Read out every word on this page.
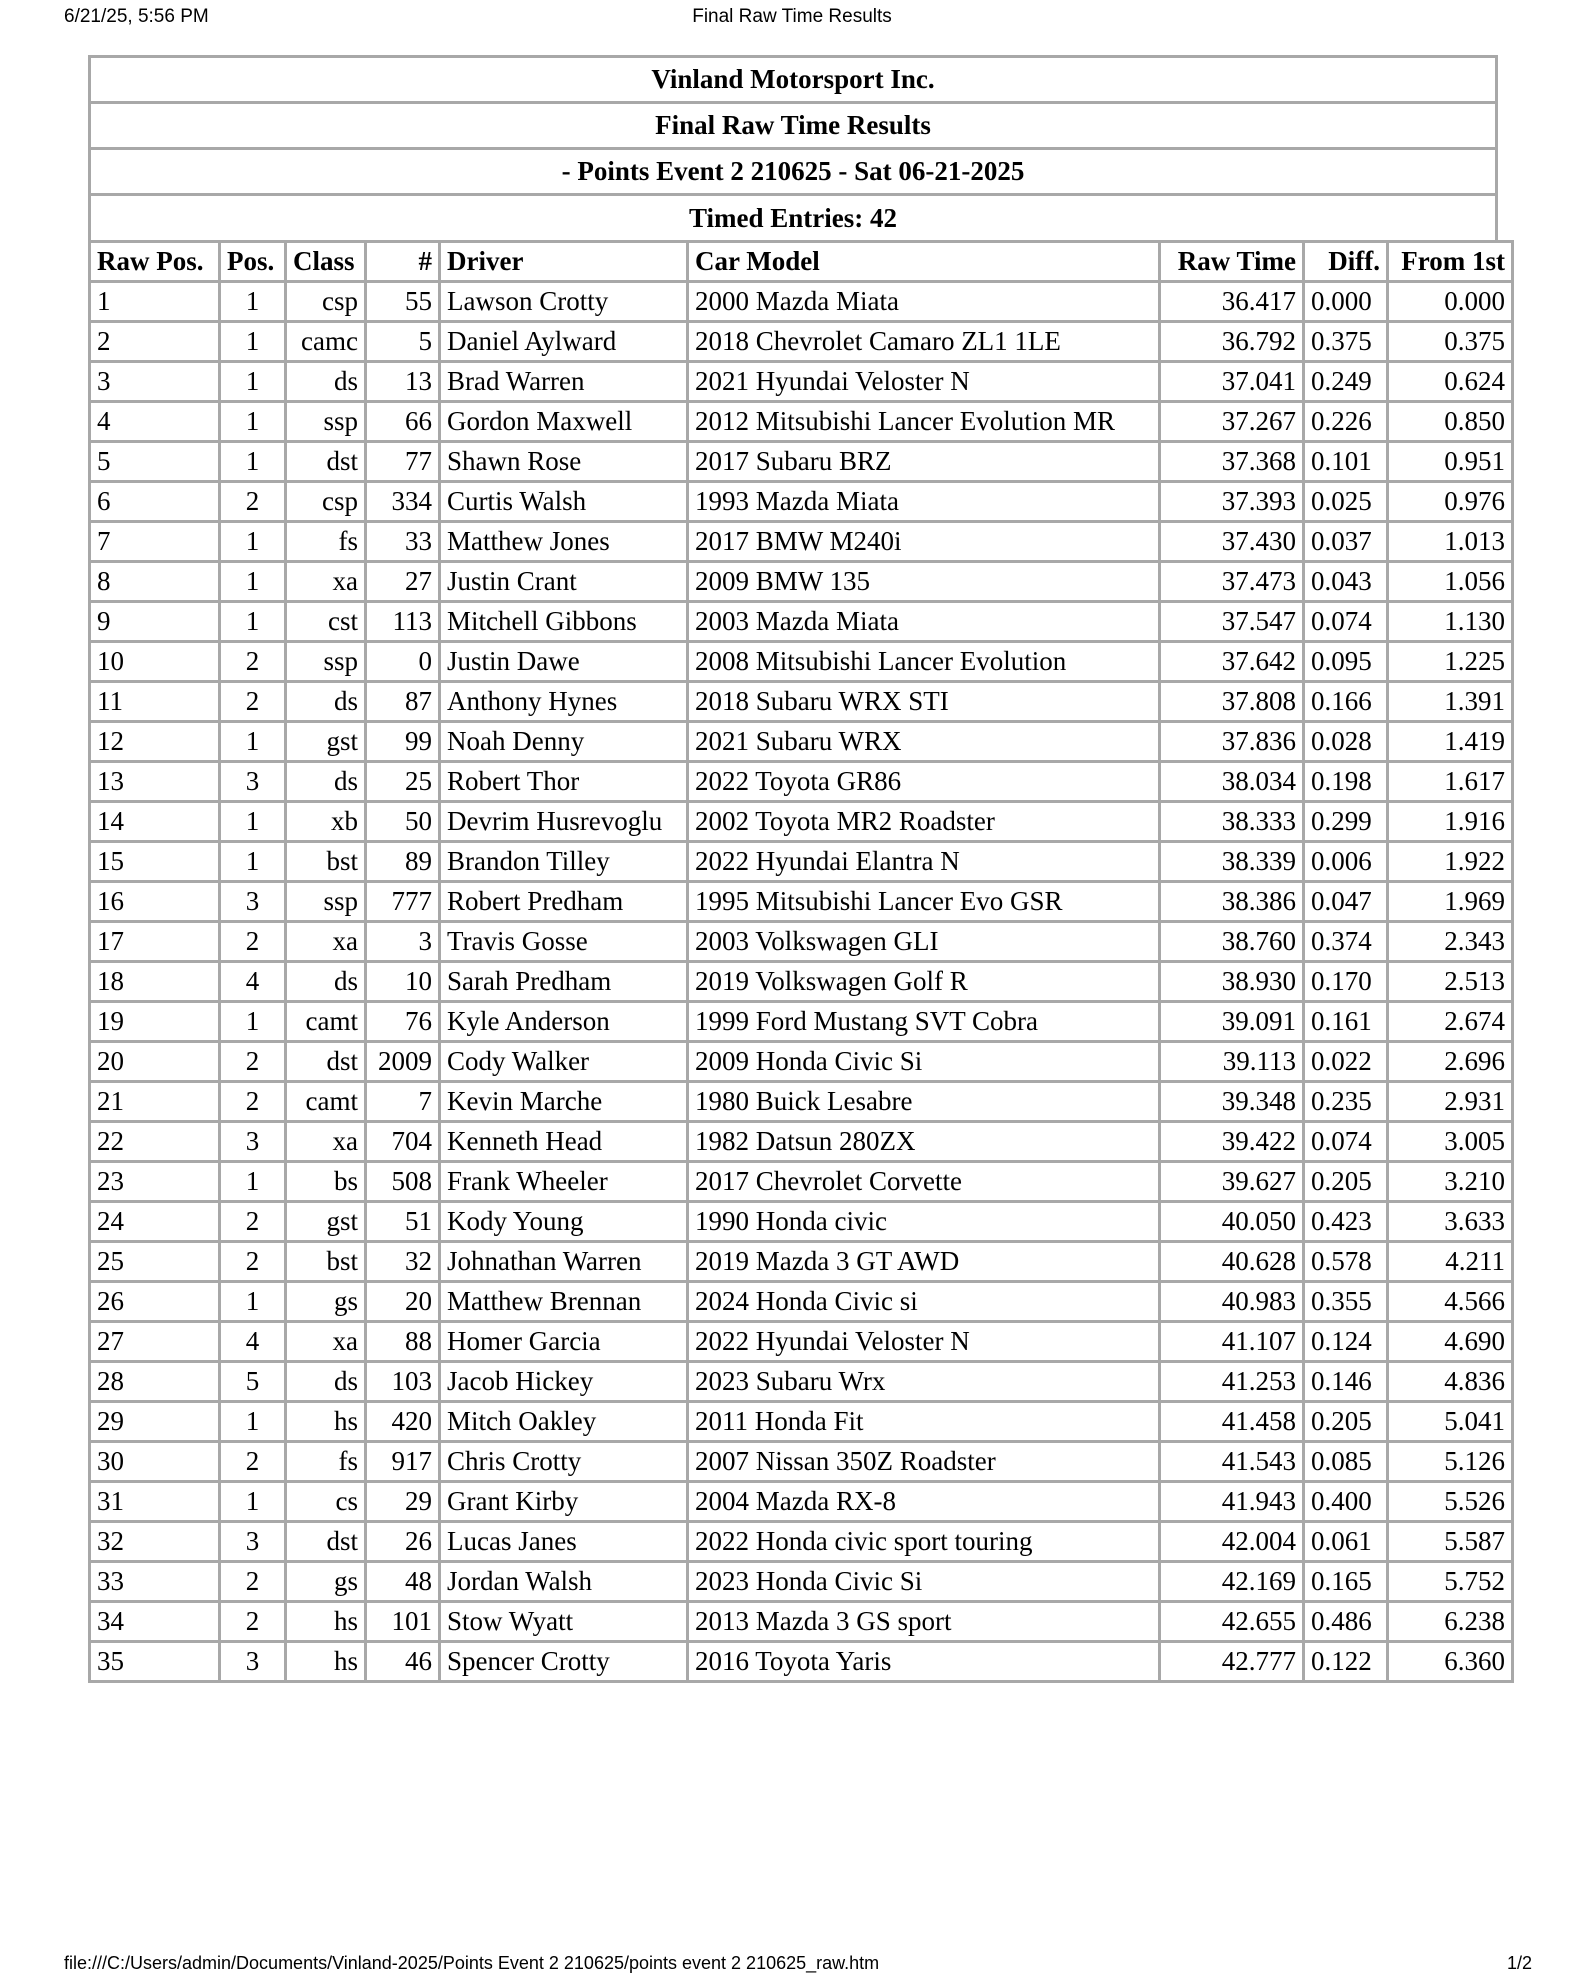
6/21/25, 5:56 PM	Final Raw Time Results
Vinland Motorsport Inc.
Final Raw Time Results
- Points Event 2 210625 - Sat 06-21-2025
Timed Entries: 42
Raw Pos.	Pos.	Class	#	Driver	Car Model	Raw Time	Diff.	From 1st
1	1	csp	55	Lawson Crotty	2000 Mazda Miata	36.417	0.000	0.000
2	1	camc	5	Daniel Aylward	2018 Chevrolet Camaro ZL1 1LE	36.792	0.375	0.375
3	1	ds	13	Brad Warren	2021 Hyundai Veloster N	37.041	0.249	0.624
4	1	ssp	66	Gordon Maxwell	2012 Mitsubishi Lancer Evolution MR	37.267	0.226	0.850
5	1	dst	77	Shawn Rose	2017 Subaru BRZ	37.368	0.101	0.951
6	2	csp	334	Curtis Walsh	1993 Mazda Miata	37.393	0.025	0.976
7	1	fs	33	Matthew Jones	2017 BMW M240i	37.430	0.037	1.013
8	1	xa	27	Justin Crant	2009 BMW 135	37.473	0.043	1.056
9	1	cst	113	Mitchell Gibbons	2003 Mazda Miata	37.547	0.074	1.130
10	2	ssp	0	Justin Dawe	2008 Mitsubishi Lancer Evolution	37.642	0.095	1.225
11	2	ds	87	Anthony Hynes	2018 Subaru WRX STI	37.808	0.166	1.391
12	1	gst	99	Noah Denny	2021 Subaru WRX	37.836	0.028	1.419
13	3	ds	25	Robert Thor	2022 Toyota GR86	38.034	0.198	1.617
14	1	xb	50	Devrim Husrevoglu	2002 Toyota MR2 Roadster	38.333	0.299	1.916
15	1	bst	89	Brandon Tilley	2022 Hyundai Elantra N	38.339	0.006	1.922
16	3	ssp	777	Robert Predham	1995 Mitsubishi Lancer Evo GSR	38.386	0.047	1.969
17	2	xa	3	Travis Gosse	2003 Volkswagen GLI	38.760	0.374	2.343
18	4	ds	10	Sarah Predham	2019 Volkswagen Golf R	38.930	0.170	2.513
19	1	camt	76	Kyle Anderson	1999 Ford Mustang SVT Cobra	39.091	0.161	2.674
20	2	dst	2009	Cody Walker	2009 Honda Civic Si	39.113	0.022	2.696
21	2	camt	7	Kevin Marche	1980 Buick Lesabre	39.348	0.235	2.931
22	3	xa	704	Kenneth Head	1982 Datsun 280ZX	39.422	0.074	3.005
23	1	bs	508	Frank Wheeler	2017 Chevrolet Corvette	39.627	0.205	3.210
24	2	gst	51	Kody Young	1990 Honda civic	40.050	0.423	3.633
25	2	bst	32	Johnathan Warren	2019 Mazda 3 GT AWD	40.628	0.578	4.211
26	1	gs	20	Matthew Brennan	2024 Honda Civic si	40.983	0.355	4.566
27	4	xa	88	Homer Garcia	2022 Hyundai Veloster N	41.107	0.124	4.690
28	5	ds	103	Jacob Hickey	2023 Subaru Wrx	41.253	0.146	4.836
29	1	hs	420	Mitch Oakley	2011 Honda Fit	41.458	0.205	5.041
30	2	fs	917	Chris Crotty	2007 Nissan 350Z Roadster	41.543	0.085	5.126
31	1	cs	29	Grant Kirby	2004 Mazda RX-8	41.943	0.400	5.526
32	3	dst	26	Lucas Janes	2022 Honda civic sport touring	42.004	0.061	5.587
33	2	gs	48	Jordan Walsh	2023 Honda Civic Si	42.169	0.165	5.752
34	2	hs	101	Stow Wyatt	2013 Mazda 3 GS sport	42.655	0.486	6.238
35	3	hs	46	Spencer Crotty	2016 Toyota Yaris	42.777	0.122	6.360
file:///C:/Users/admin/Documents/Vinland-2025/Points Event 2 210625/points event 2 210625_raw.htm	1/2
